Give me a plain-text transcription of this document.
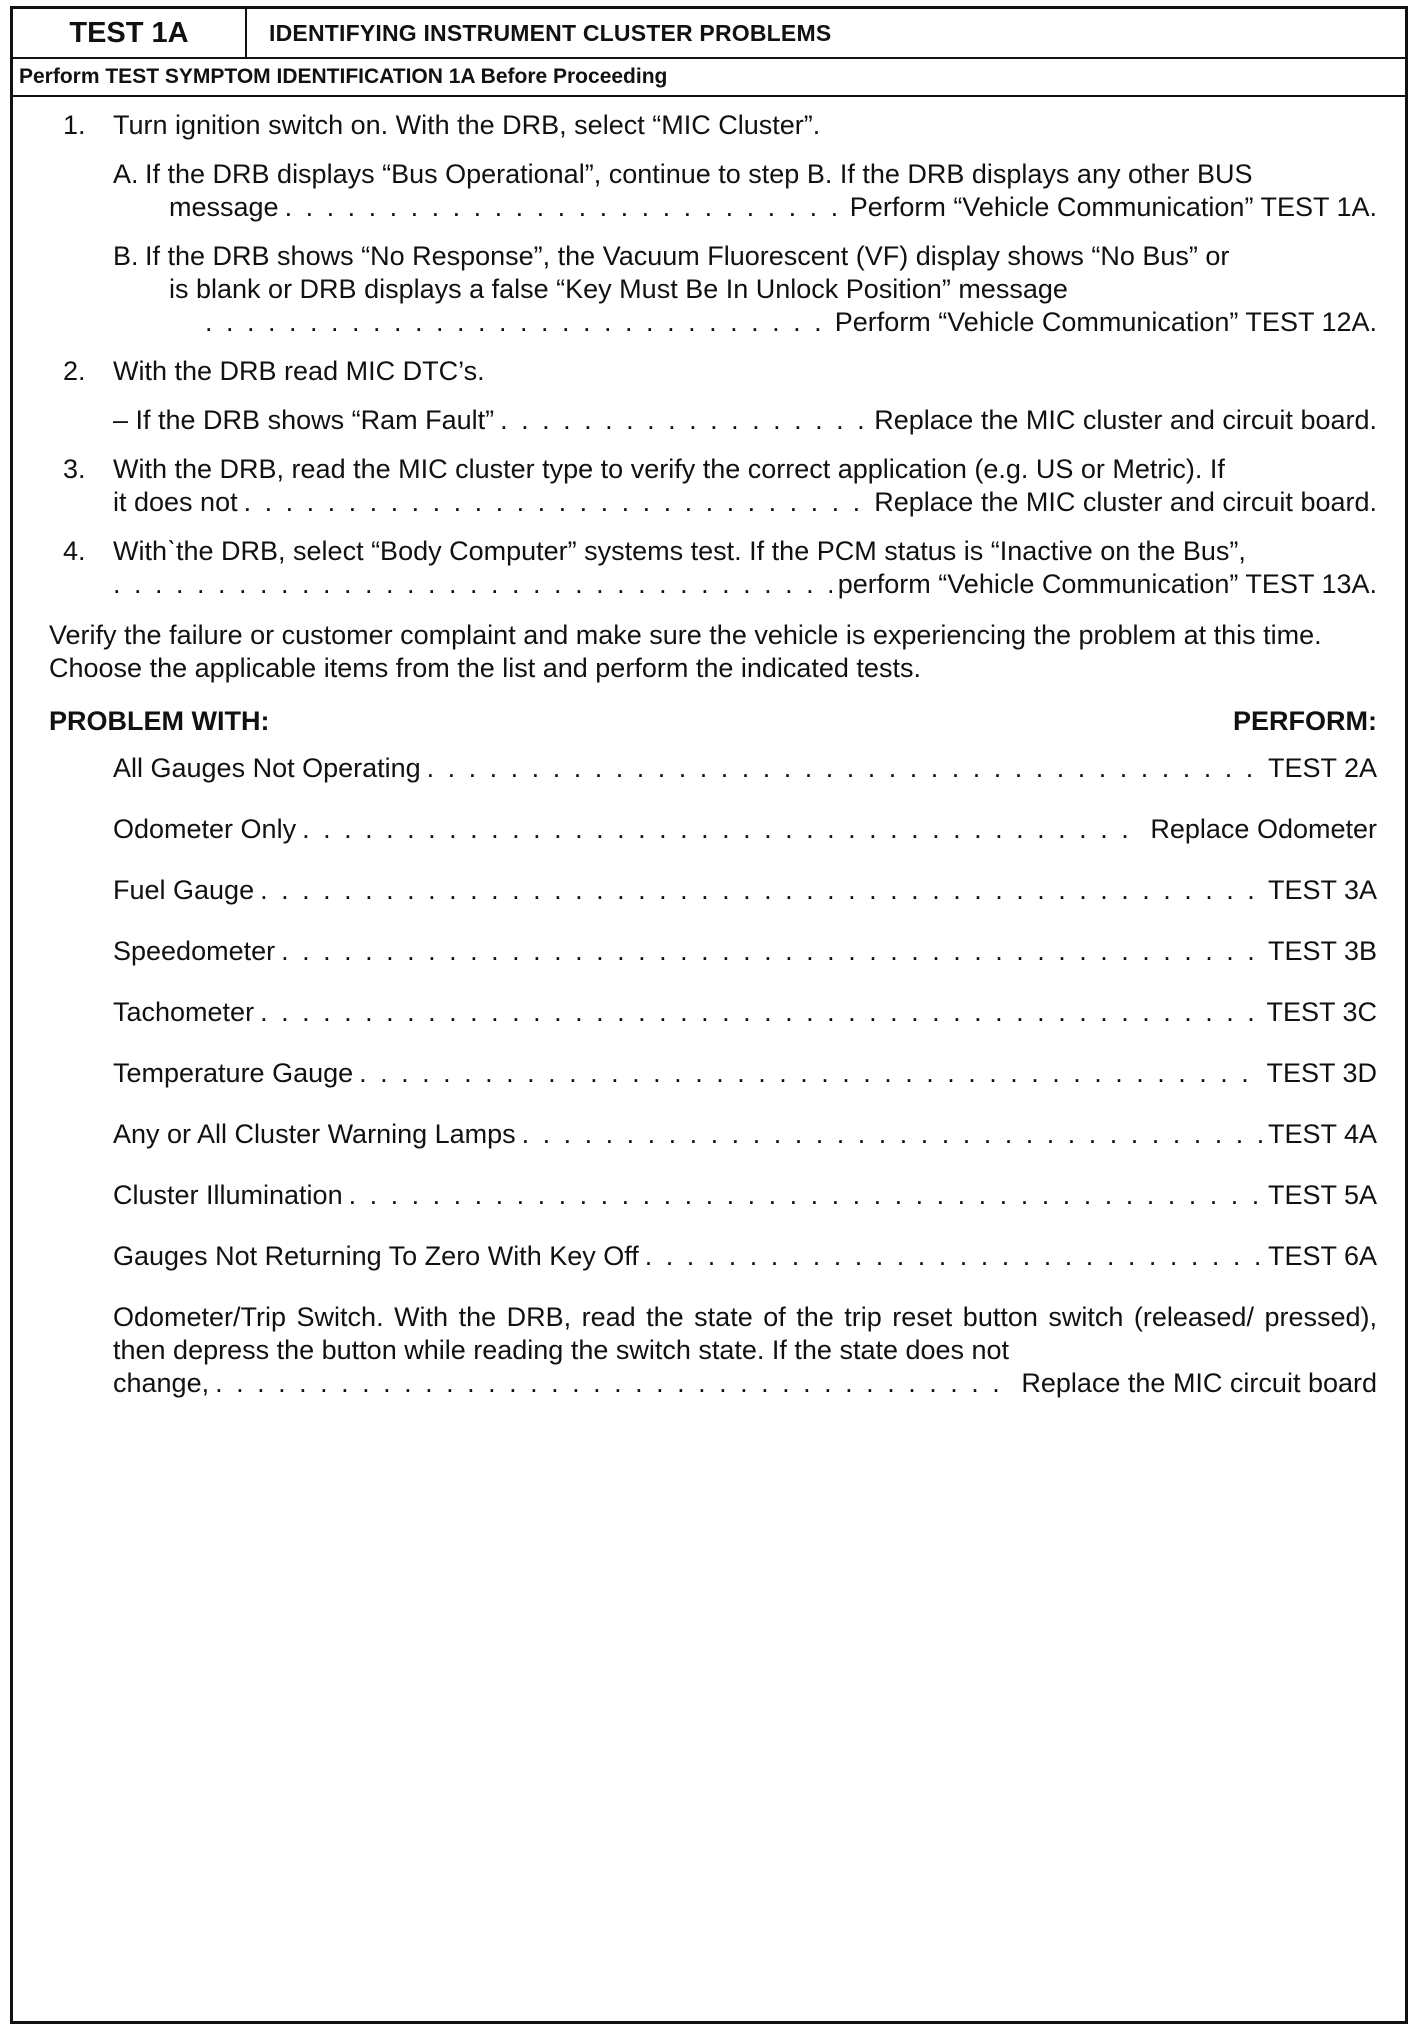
TEST 1A	IDENTIFYING INSTRUMENT CLUSTER PROBLEMS
Perform TEST SYMPTOM IDENTIFICATION 1A Before Proceeding
1. Turn ignition switch on. With the DRB, select “MIC Cluster”.
A. If the DRB displays “Bus Operational”, continue to step B. If the DRB displays any other BUS
message . . .	Perform “Vehicle Communication” TEST 1A.
B. If the DRB shows “No Response”, the Vacuum Fluorescent (VF) display shows “No Bus” or
is blank or DRB displays a false “Key Must Be In Unlock Position” message
. . .
Perform “Vehicle Communication” TEST 12A.
2. With the DRB read MIC DTC’s.
– If the DRB shows “Ram Fault” . . .	Replace the MIC cluster and circuit board.
3. With the DRB, read the MIC cluster type to verify the correct application (e.g. US or Metric). If
it does not . . .	Replace the MIC cluster and circuit board.
4. Withˋthe DRB, select “Body Computer” systems test. If the PCM status is “Inactive on the Bus”,
. . .
perform “Vehicle Communication” TEST 13A.
Verify the failure or customer complaint and make sure the vehicle is experiencing the problem at this time. Choose the applicable items from the list and perform the indicated tests.
PROBLEM WITH:	PERFORM:
All Gauges Not Operating . . .	TEST 2A
Odometer Only . . .	Replace Odometer
Fuel Gauge . . .	TEST 3A
Speedometer . . .	TEST 3B
Tachometer . . .	TEST 3C
Temperature Gauge . . .	TEST 3D
Any or All Cluster Warning Lamps . . .	TEST 4A
Cluster Illumination . . .	TEST 5A
Gauges Not Returning To Zero With Key Off . . .	TEST 6A
Odometer/Trip Switch. With the DRB, read the state of the trip reset button switch (released/ pressed), then depress the button while reading the switch state. If the state does not
change, . . .	Replace the MIC circuit board
